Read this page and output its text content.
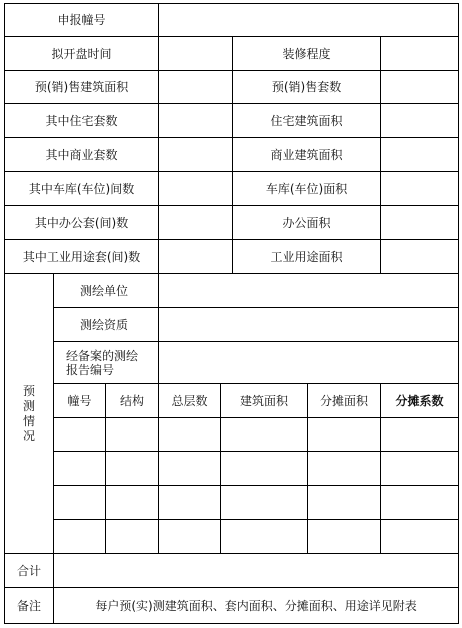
申报幢号							
拟开盘时间					装修程度		
预(销)售建筑面积					预(销)售套数		
其中住宅套数					住宅建筑面积		
其中商业套数					商业建筑面积		
其中车库(车位)间数					车库(车位)面积		
其中办公套(间)数					办公面积		
其中工业用途套(间)数					工业用途面积		

预
测
情
况	测绘单位						
	测绘资质						

	经备案的测绘
报告编号						

	幢号	结构	总层数	建筑面积		分摊面积	分摊系数

合计							
备注	每户预(实)测建筑面积、套内面积、分摊面积、用途详见附表						
